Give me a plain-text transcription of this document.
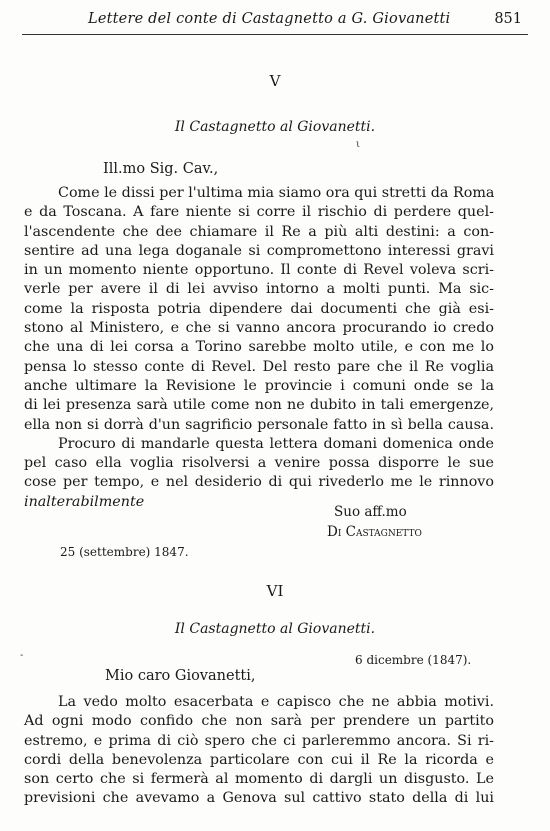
Lettere del conte di Castagnetto a G. Giovanetti	851
V
Il Castagnetto al Giovanetti.
ι
Ill.mo Sig. Cav.,
Come le dissi per l'ultima mia siamo ora qui stretti da Roma
e da Toscana. A fare niente si corre il rischio di perdere quel-
l'ascendente che dee chiamare il Re a più alti destini: a con-
sentire ad una lega doganale si compromettono interessi gravi
in un momento niente opportuno. Il conte di Revel voleva scri-
verle per avere il di lei avviso intorno a molti punti. Ma sic-
come la risposta potria dipendere dai documenti che già esi-
stono al Ministero, e che si vanno ancora procurando io credo
che una di lei corsa a Torino sarebbe molto utile, e con me lo
pensa lo stesso conte di Revel. Del resto pare che il Re voglia
anche ultimare la Revisione le provincie i comuni onde se la
di lei presenza sarà utile come non ne dubito in tali emergenze,
ella non si dorrà d'un sagrificio personale fatto in sì bella causa.
Procuro di mandarle questa lettera domani domenica onde
pel caso ella voglia risolversi a venire possa disporre le sue
cose per tempo, e nel desiderio di qui rivederlo me le rinnovo
inalterabilmente
Suo aff.mo
Di Castagnetto
25 (settembre) 1847.
VI
Il Castagnetto al Giovanetti.
-	6 dicembre (1847).
Mio caro Giovanetti,
La vedo molto esacerbata e capisco che ne abbia motivi.
Ad ogni modo confido che non sarà per prendere un partito
estremo, e prima di ciò spero che ci parleremmo ancora. Si ri-
cordi della benevolenza particolare con cui il Re la ricorda e
son certo che si fermerà al momento di dargli un disgusto. Le
previsioni che avevamo a Genova sul cattivo stato della di lui
